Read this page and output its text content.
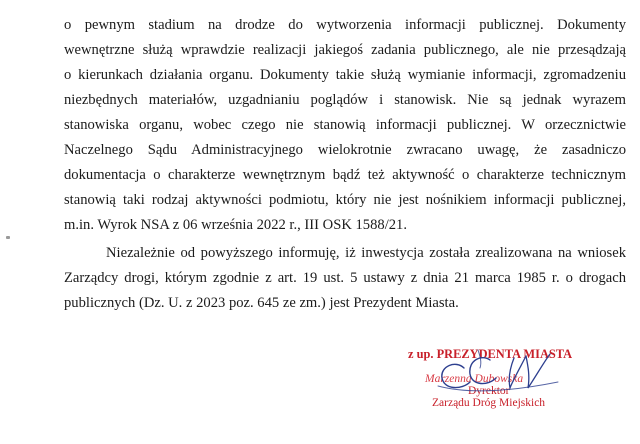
o pewnym stadium na drodze do wytworzenia informacji publicznej. Dokumenty
wewnętrzne służą wprawdzie realizacji jakiegoś zadania publicznego, ale nie przesądzają
o kierunkach działania organu. Dokumenty takie służą wymianie informacji, zgromadzeniu
niezbędnych materiałów, uzgadnianiu poglądów i stanowisk. Nie są jednak wyrazem
stanowiska organu, wobec czego nie stanowią informacji publicznej. W orzecznictwie
Naczelnego Sądu Administracyjnego wielokrotnie zwracano uwagę, że zasadniczo
dokumentacja o charakterze wewnętrznym bądź też aktywność o charakterze technicznym
stanowią taki rodzaj aktywności podmiotu, który nie jest nośnikiem informacji publicznej,
m.in. Wyrok NSA z 06 września 2022 r., III OSK 1588/21.
Niezależnie od powyższego informuję, iż inwestycja została zrealizowana na wniosek
Zarządcy drogi, którym zgodnie z art. 19 ust. 5 ustawy z dnia 21 marca 1985 r. o drogach
publicznych (Dz. U. z 2023 poz. 645 ze zm.) jest Prezydent Miasta.
z up. PREZYDENTA MIASTA
Marzenna Dubowska
Dyrektor
Zarządu Dróg Miejskich
